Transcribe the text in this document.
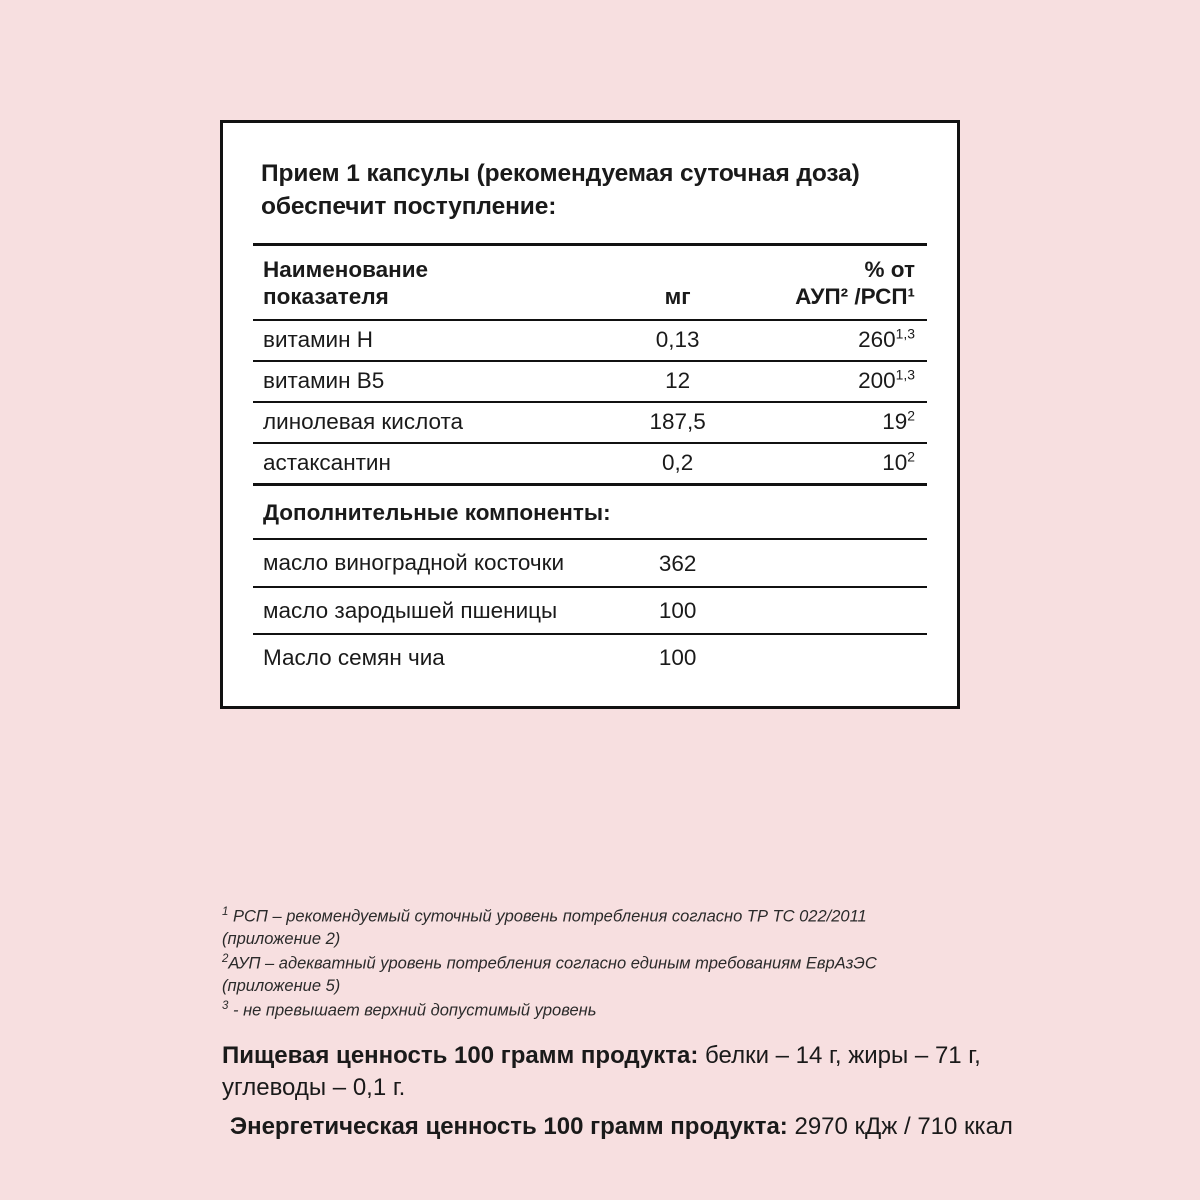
Прием 1 капсулы (рекомендуемая суточная доза) обеспечит поступление:
Наименование
показателя	мг	% от
АУП² /РСП¹
витамин H	0,13	260$^{1,3}$
витамин B5	12	200$^{1,3}$
линолевая кислота	187,5	$19^2$
астаксантин	0,2	$10^2$
Дополнительные компоненты:		
масло виноградной косточки	362	
масло зародышей пшеницы	100	
Масло семян чиа	100	

$^1$ РСП – рекомендуемый суточный уровень потребления согласно ТР ТС 022/2011 (приложение 2)

$^2$АУП – адекватный уровень потребления согласно единым требованиям ЕврАзЭС (приложение 5)

$^3$ - не превышает верхний допустимый уровень

Пищевая ценность 100 грамм продукта: белки – 14 г, жиры – 71 г, углеводы – 0,1 г.
Энергетическая ценность 100 грамм продукта: 2970 кДж / 710 ккал
